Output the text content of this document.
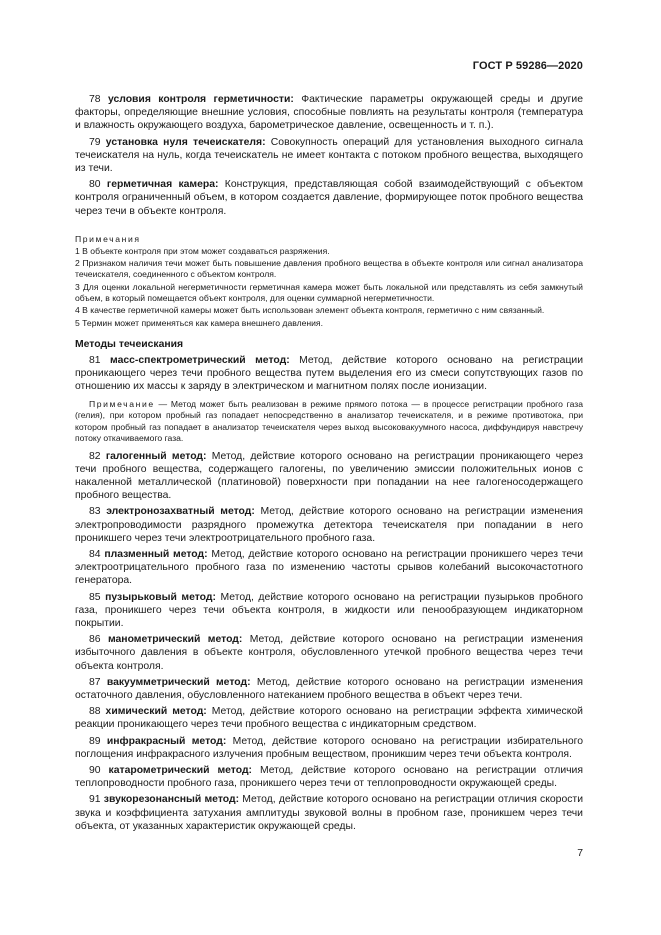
ГОСТ Р 59286—2020

78 условия контроля герметичности: Фактические параметры окружающей среды и другие факторы, определяющие внешние условия, способные повлиять на результаты контроля (температура и влажность окружающего воздуха, барометрическое давление, освещенность и т. п.).

79 установка нуля течеискателя: Совокупность операций для установления выходного сигнала течеискателя на нуль, когда течеискатель не имеет контакта с потоком пробного вещества, выходящего из течи.

80 герметичная камера: Конструкция, представляющая собой взаимодействующий с объектом контроля ограниченный объем, в котором создается давление, формирующее поток пробного вещества через течи в объекте контроля.

Примечания

1 В объекте контроля при этом может создаваться разряжения.

2 Признаком наличия течи может быть повышение давления пробного вещества в объекте контроля или сигнал анализатора течеискателя, соединенного с объектом контроля.

3 Для оценки локальной негерметичности герметичная камера может быть локальной или представлять из себя замкнутый объем, в который помещается объект контроля, для оценки суммарной негерметичности.

4 В качестве герметичной камеры может быть использован элемент объекта контроля, герметично с ним связанный.

5 Термин может применяться как камера внешнего давления.

Методы течеискания

81 масс-спектрометрический метод: Метод, действие которого основано на регистрации проникающего через течи пробного вещества путем выделения его из смеси сопутствующих газов по отношению их массы к заряду в электрическом и магнитном полях после ионизации.

Примечание — Метод может быть реализован в режиме прямого потока — в процессе регистрации пробного газа (гелия), при котором пробный газ попадает непосредственно в анализатор течеискателя, и в режиме противотока, при котором пробный газ попадает в анализатор течеискателя через выход высоковакуумного насоса, диффундируя навстречу потоку откачиваемого газа.

82 галогенный метод: Метод, действие которого основано на регистрации проникающего через течи пробного вещества, содержащего галогены, по увеличению эмиссии положительных ионов с накаленной металлической (платиновой) поверхности при попадании на нее галогеносодержащего пробного вещества.

83 электронозахватный метод: Метод, действие которого основано на регистрации изменения электропроводимости разрядного промежутка детектора течеискателя при попадании в него проникшего через течи электроотрицательного пробного газа.

84 плазменный метод: Метод, действие которого основано на регистрации проникшего через течи электроотрицательного пробного газа по изменению частоты срывов колебаний высокочастотного генератора.

85 пузырьковый метод: Метод, действие которого основано на регистрации пузырьков пробного газа, проникшего через течи объекта контроля, в жидкости или пенообразующем индикаторном покрытии.

86 манометрический метод: Метод, действие которого основано на регистрации изменения избыточного давления в объекте контроля, обусловленного утечкой пробного вещества через течи объекта контроля.

87 вакуумметрический метод: Метод, действие которого основано на регистрации изменения остаточного давления, обусловленного натеканием пробного вещества в объект через течи.

88 химический метод: Метод, действие которого основано на регистрации эффекта химической реакции проникающего через течи пробного вещества с индикаторным средством.

89 инфракрасный метод: Метод, действие которого основано на регистрации избирательного поглощения инфракрасного излучения пробным веществом, проникшим через течи объекта контроля.

90 катарометрический метод: Метод, действие которого основано на регистрации отличия теплопроводности пробного газа, проникшего через течи от теплопроводности окружающей среды.

91 звукорезонансный метод: Метод, действие которого основано на регистрации отличия скорости звука и коэффициента затухания амплитуды звуковой волны в пробном газе, проникшем через течи объекта, от указанных характеристик окружающей среды.

7
